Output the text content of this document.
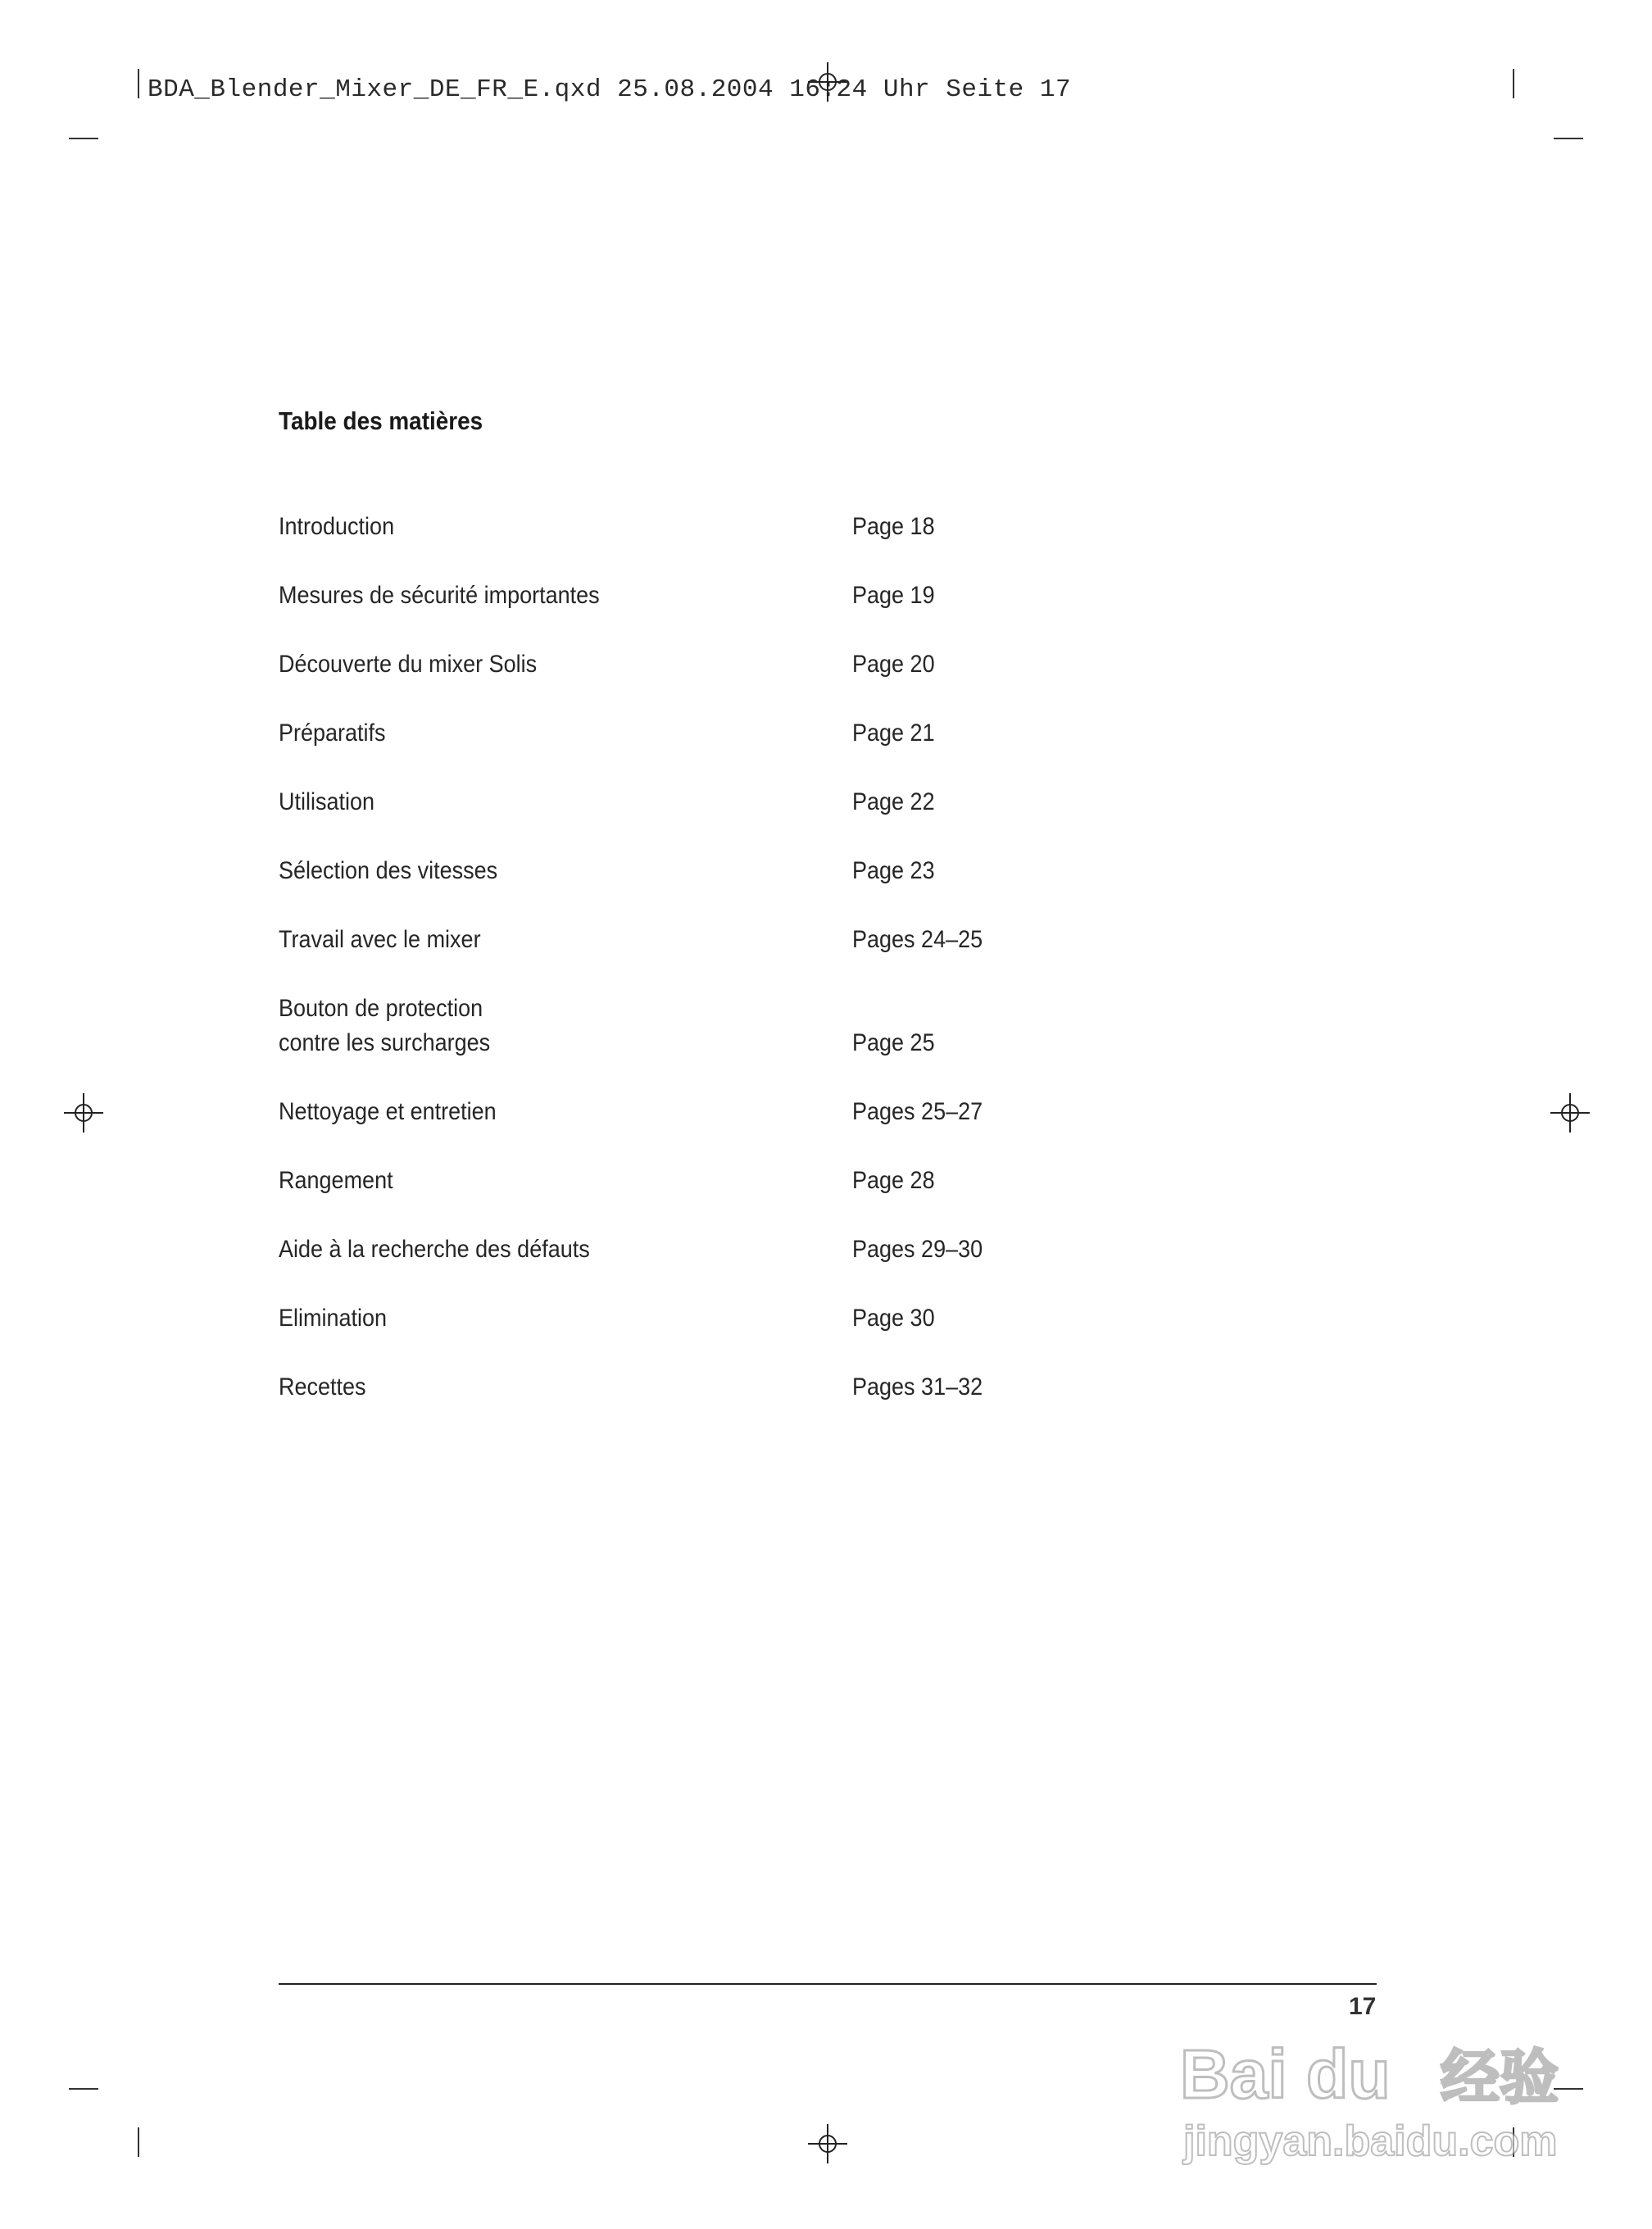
BDA_Blender_Mixer_DE_FR_E.qxd 25.08.2004 16:24 Uhr Seite 17
Table des matières
Introduction	Page 18
Mesures de sécurité importantes	Page 19
Découverte du mixer Solis	Page 20
Préparatifs	Page 21
Utilisation	Page 22
Sélection des vitesses	Page 23
Travail avec le mixer	Pages 24–25
Bouton de protection
contre les surcharges	Page 25
Nettoyage et entretien	Pages 25–27
Rangement	Page 28
Aide à la recherche des défauts	Pages 29–30
Elimination	Page 30
Recettes	Pages 31–32
17
Bai du 经验
jingyan.baidu.com
